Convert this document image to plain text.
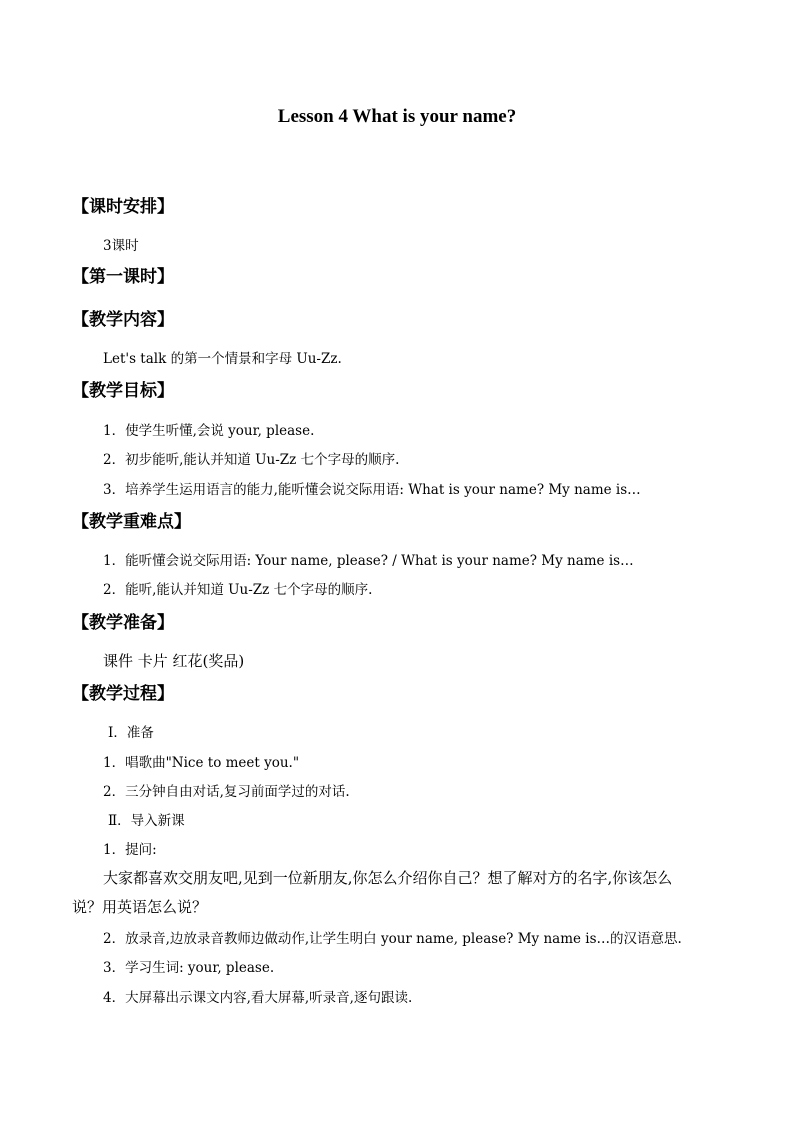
Lesson 4 What is your name?
【课时安排】
3课时
【第一课时】
【教学内容】
Let's talk 的第一个情景和字母 Uu-Zz.
【教学目标】
1．使学生听懂,会说 your, please.
2．初步能听,能认并知道 Uu-Zz 七个字母的顺序.
3．培养学生运用语言的能力,能听懂会说交际用语: What is your name? My name is…
【教学重难点】
1．能听懂会说交际用语: Your name, please? / What is your name? My name is…
2．能听,能认并知道 Uu-Zz 七个字母的顺序.
【教学准备】
课件 卡片 红花(奖品)
【教学过程】
Ⅰ．准备
1．唱歌曲"Nice to meet you."
2．三分钟自由对话,复习前面学过的对话.
Ⅱ．导入新课
1．提问:
大家都喜欢交朋友吧,见到一位新朋友,你怎么介绍你自己？想了解对方的名字,你该怎么
说？用英语怎么说？
2．放录音,边放录音教师边做动作,让学生明白 your name, please? My name is…的汉语意思.
3．学习生词: your, please.
4．大屏幕出示课文内容,看大屏幕,听录音,逐句跟读.
